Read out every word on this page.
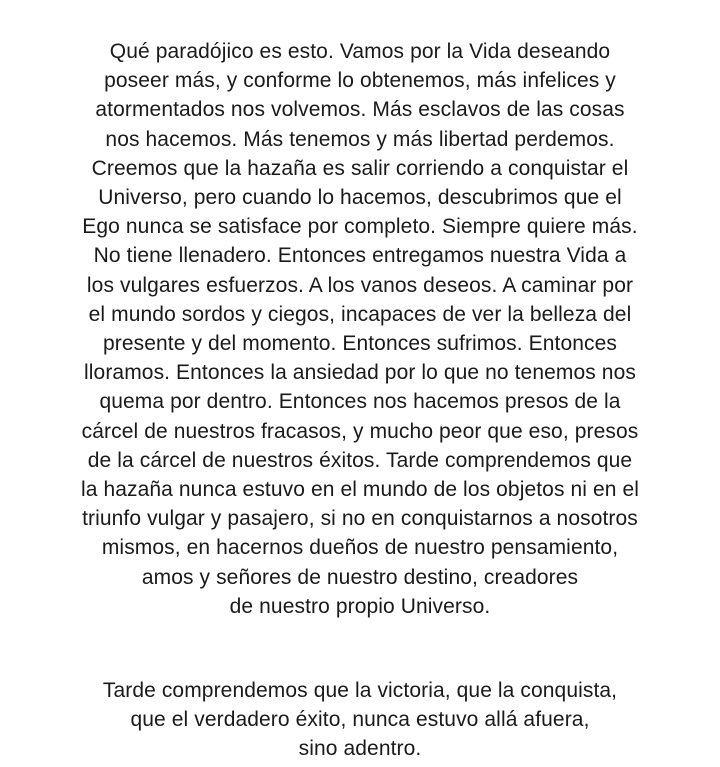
Qué paradójico es esto. Vamos por la Vida deseando
poseer más, y conforme lo obtenemos, más infelices y
atormentados nos volvemos. Más esclavos de las cosas
nos hacemos. Más tenemos y más libertad perdemos.
Creemos que la hazaña es salir corriendo a conquistar el
Universo, pero cuando lo hacemos, descubrimos que el
Ego nunca se satisface por completo. Siempre quiere más.
No tiene llenadero. Entonces entregamos nuestra Vida a
los vulgares esfuerzos. A los vanos deseos. A caminar por
el mundo sordos y ciegos, incapaces de ver la belleza del
presente y del momento. Entonces sufrimos. Entonces
lloramos. Entonces la ansiedad por lo que no tenemos nos
quema por dentro. Entonces nos hacemos presos de la
cárcel de nuestros fracasos, y mucho peor que eso, presos
de la cárcel de nuestros éxitos. Tarde comprendemos que
la hazaña nunca estuvo en el mundo de los objetos ni en el
triunfo vulgar y pasajero, si no en conquistarnos a nosotros
mismos, en hacernos dueños de nuestro pensamiento,
amos y señores de nuestro destino, creadores
de nuestro propio Universo.
Tarde comprendemos que la victoria, que la conquista,
que el verdadero éxito, nunca estuvo allá afuera,
sino adentro.
